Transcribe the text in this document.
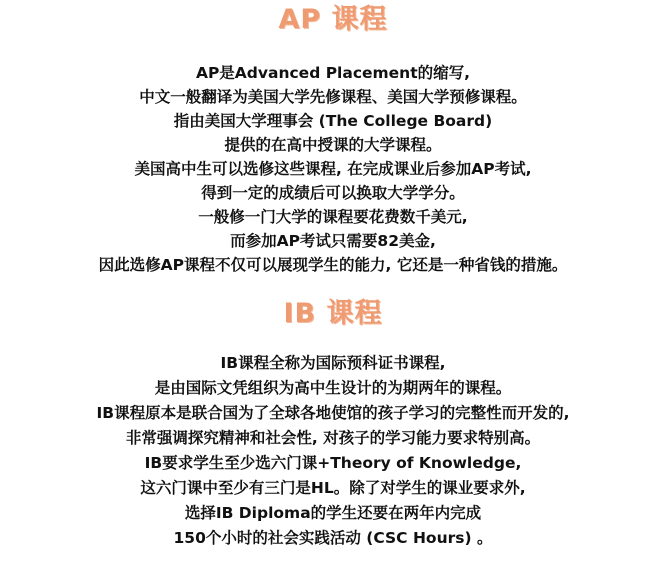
AP 课程
AP是Advanced Placement的缩写,
中文一般翻译为美国大学先修课程、美国大学预修课程。
指由美国大学理事会 (The College Board)
提供的在高中授课的大学课程。
美国高中生可以选修这些课程, 在完成课业后参加AP考试,
得到一定的成绩后可以换取大学学分。
一般修一门大学的课程要花费数千美元,
而参加AP考试只需要82美金,
因此选修AP课程不仅可以展现学生的能力, 它还是一种省钱的措施。
IB 课程
IB课程全称为国际预科证书课程,
是由国际文凭组织为高中生设计的为期两年的课程。
IB课程原本是联合国为了全球各地使馆的孩子学习的完整性而开发的,
非常强调探究精神和社会性, 对孩子的学习能力要求特别高。
IB要求学生至少选六门课+Theory of Knowledge,
这六门课中至少有三门是HL。除了对学生的课业要求外,
选择IB Diploma的学生还要在两年内完成
150个小时的社会实践活动 (CSC Hours) 。
